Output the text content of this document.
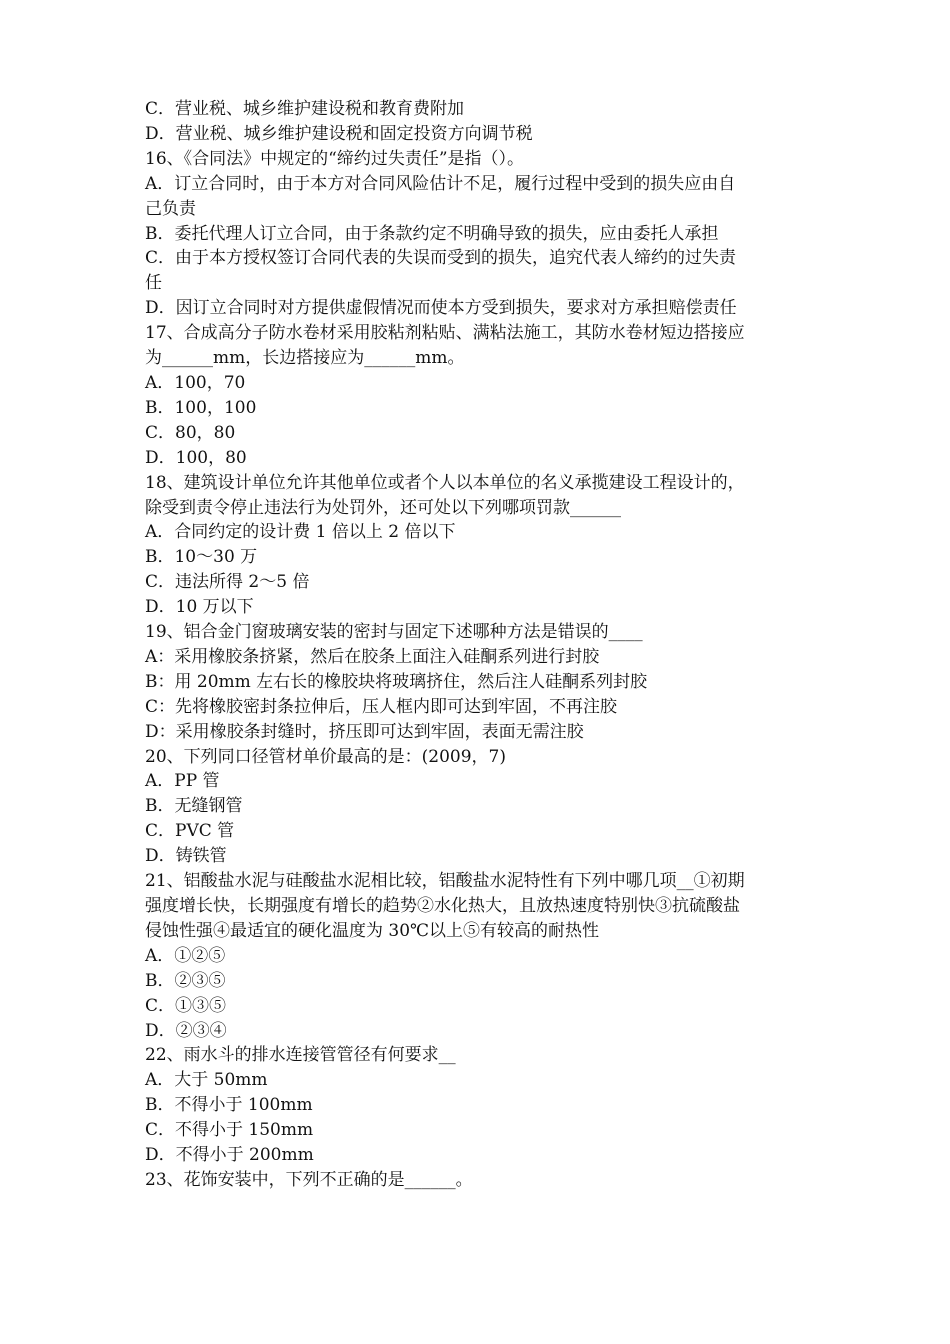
C．营业税、城乡维护建设税和教育费附加
D．营业税、城乡维护建设税和固定投资方向调节税
16、《合同法》中规定的“缔约过失责任”是指（）。
A．订立合同时，由于本方对合同风险估计不足，履行过程中受到的损失应由自
己负责
B．委托代理人订立合同，由于条款约定不明确导致的损失，应由委托人承担
C．由于本方授权签订合同代表的失误而受到的损失，追究代表人缔约的过失责
任
D．因订立合同时对方提供虚假情况而使本方受到损失，要求对方承担赔偿责任
17、合成高分子防水卷材采用胶粘剂粘贴、满粘法施工，其防水卷材短边搭接应
为______mm，长边搭接应为______mm。
A．100，70
B．100，100
C．80，80
D．100，80
18、建筑设计单位允许其他单位或者个人以本单位的名义承揽建设工程设计的，
除受到责令停止违法行为处罚外，还可处以下列哪项罚款______
A．合同约定的设计费 1 倍以上 2 倍以下
B．10～30 万
C．违法所得 2～5 倍
D．10 万以下
19、铝合金门窗玻璃安装的密封与固定下述哪种方法是错误的____
A：采用橡胶条挤紧，然后在胶条上面注入硅酮系列进行封胶
B：用 20mm 左右长的橡胶块将玻璃挤住，然后注人硅酮系列封胶
C：先将橡胶密封条拉伸后，压人框内即可达到牢固，不再注胶
D：采用橡胶条封缝时，挤压即可达到牢固，表面无需注胶
20、下列同口径管材单价最高的是：(2009，7)
A．PP 管
B．无缝钢管
C．PVC 管
D．铸铁管
21、铝酸盐水泥与硅酸盐水泥相比较，铝酸盐水泥特性有下列中哪几项__①初期
强度增长快，长期强度有增长的趋势②水化热大，且放热速度特别快③抗硫酸盐
侵蚀性强④最适宜的硬化温度为 30℃以上⑤有较高的耐热性
A．①②⑤
B．②③⑤
C．①③⑤
D．②③④
22、雨水斗的排水连接管管径有何要求__
A．大于 50mm
B．不得小于 100mm
C．不得小于 150mm
D．不得小于 200mm
23、花饰安装中，下列不正确的是______。
